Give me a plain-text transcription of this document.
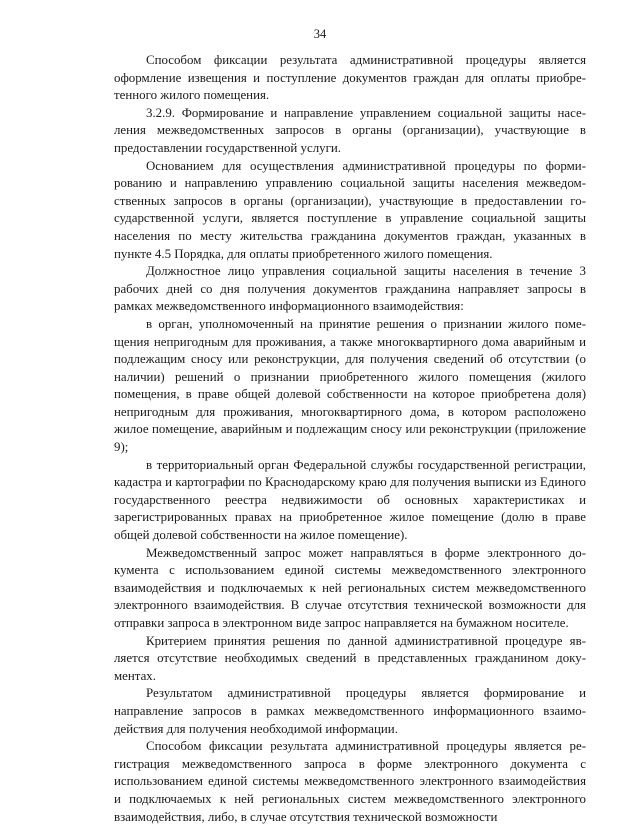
34

Способом фиксации результата административной процедуры является оформление извещения и поступление документов граждан для оплаты приобретенного жилого помещения.

3.2.9. Формирование и направление управлением социальной защиты населения межведомственных запросов в органы (организации), участвующие в предоставлении государственной услуги.

Основанием для осуществления административной процедуры по формированию и направлению управлению социальной защиты населения межведомственных запросов в органы (организации), участвующие в предоставлении государственной услуги, является поступление в управление социальной защиты населения по месту жительства гражданина документов граждан, указанных в пункте 4.5 Порядка, для оплаты приобретенного жилого помещения.

Должностное лицо управления социальной защиты населения в течение 3 рабочих дней со дня получения документов гражданина направляет запросы в рамках межведомственного информационного взаимодействия:

в орган, уполномоченный на принятие решения о признании жилого помещения непригодным для проживания, а также многоквартирного дома аварийным и подлежащим сносу или реконструкции, для получения сведений об отсутствии (о наличии) решений о признании приобретенного жилого помещения (жилого помещения, в праве общей долевой собственности на которое приобретена доля) непригодным для проживания, многоквартирного дома, в котором расположено жилое помещение, аварийным и подлежащим сносу или реконструкции (приложение 9);

в территориальный орган Федеральной службы государственной регистрации, кадастра и картографии по Краснодарскому краю для получения выписки из Единого государственного реестра недвижимости об основных характеристиках и зарегистрированных правах на приобретенное жилое помещение (долю в праве общей долевой собственности на жилое помещение).

Межведомственный запрос может направляться в форме электронного документа с использованием единой системы межведомственного электронного взаимодействия и подключаемых к ней региональных систем межведомственного электронного взаимодействия. В случае отсутствия технической возможности для отправки запроса в электронном виде запрос направляется на бумажном носителе.

Критерием принятия решения по данной административной процедуре является отсутствие необходимых сведений в представленных гражданином документах.

Результатом административной процедуры является формирование и направление запросов в рамках межведомственного информационного взаимодействия для получения необходимой информации.

Способом фиксации результата административной процедуры является регистрация межведомственного запроса в форме электронного документа с использованием единой системы межведомственного электронного взаимодействия и подключаемых к ней региональных систем межведомственного электронного взаимодействия, либо, в случае отсутствия технической возможности
